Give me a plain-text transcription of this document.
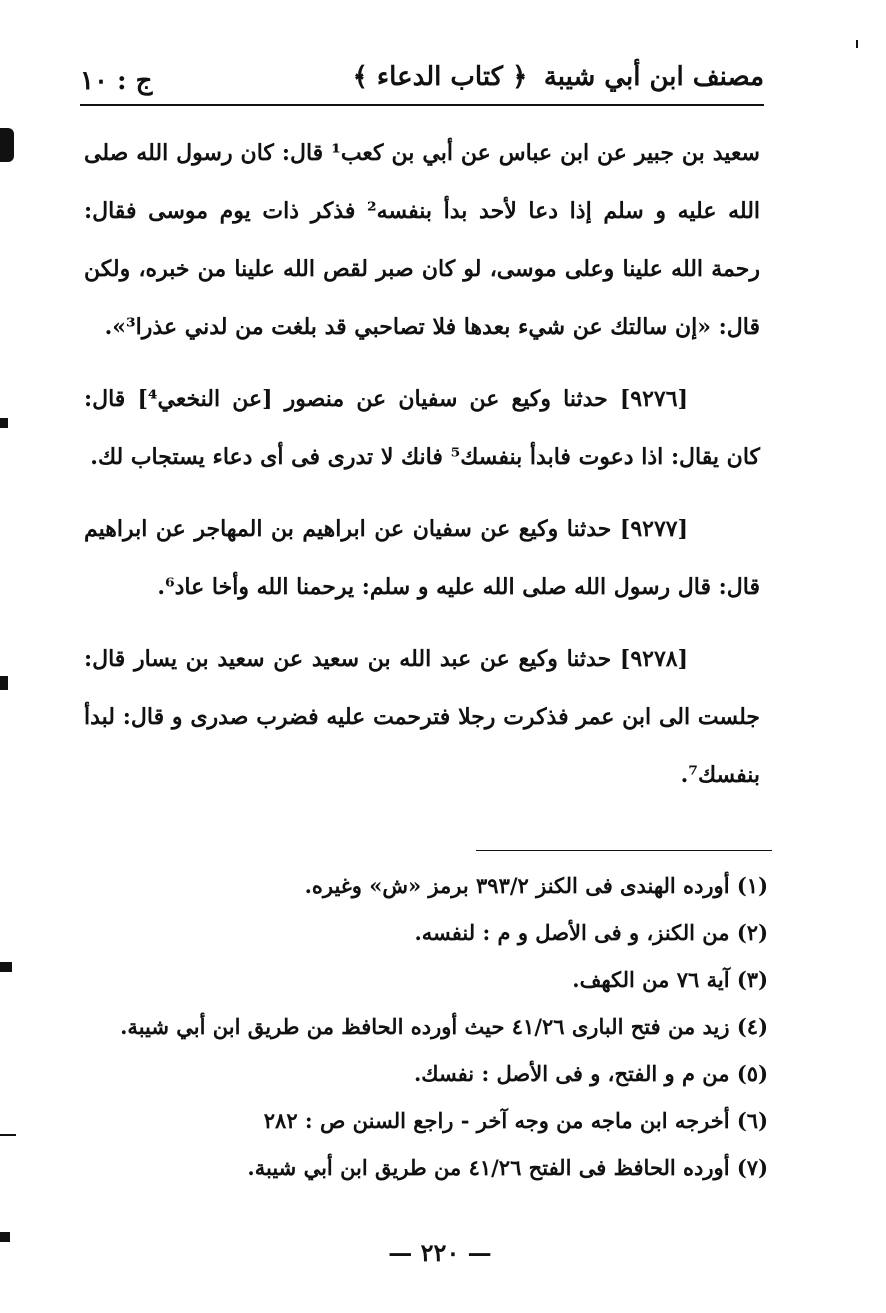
مصنف ابن أبي شيبة
﴿ كتاب الدعاء ﴾
ج : ١٠

سعيد بن جبير عن ابن عباس عن أبي بن كعب¹ قال: كان رسول الله صلى الله عليه و سلم إذا دعا لأحد بدأ بنفسه² فذكر ذات يوم موسى فقال: رحمة الله علينا وعلى موسى، لو كان صبر لقص الله علينا من خبره، ولكن قال: «إن سالتك عن شيء بعدها فلا تصاحبي قد بلغت من لدني عذرا³».

[٩٢٧٦] حدثنا وكيع عن سفيان عن منصور [عن النخعي⁴] قال: كان يقال: اذا دعوت فابدأ بنفسك⁵ فانك لا تدرى فى أى دعاء يستجاب لك.

[٩٢٧٧] حدثنا وكيع عن سفيان عن ابراهيم بن المهاجر عن ابراهيم قال: قال رسول الله صلى الله عليه و سلم: يرحمنا الله وأخا عاد⁶.

[٩٢٧٨] حدثنا وكيع عن عبد الله بن سعيد عن سعيد بن يسار قال: جلست الى ابن عمر فذكرت رجلا فترحمت عليه فضرب صدرى و قال: لبدأ بنفسك⁷.

(١) أورده الهندى فى الكنز ٣٩٣/٢ برمز «ش» وغيره.

(٢) من الكنز، و فى الأصل و م : لنفسه.

(٣) آية ٧٦ من الكهف.

(٤) زيد من فتح البارى ٤١/٢٦ حيث أورده الحافظ من طريق ابن أبي شيبة.

(٥) من م و الفتح، و فى الأصل : نفسك.

(٦) أخرجه ابن ماجه من وجه آخر - راجع السنن ص : ٢٨٢

(٧) أورده الحافظ فى الفتح ٤١/٢٦ من طريق ابن أبي شيبة.

— ٢٢٠ —
